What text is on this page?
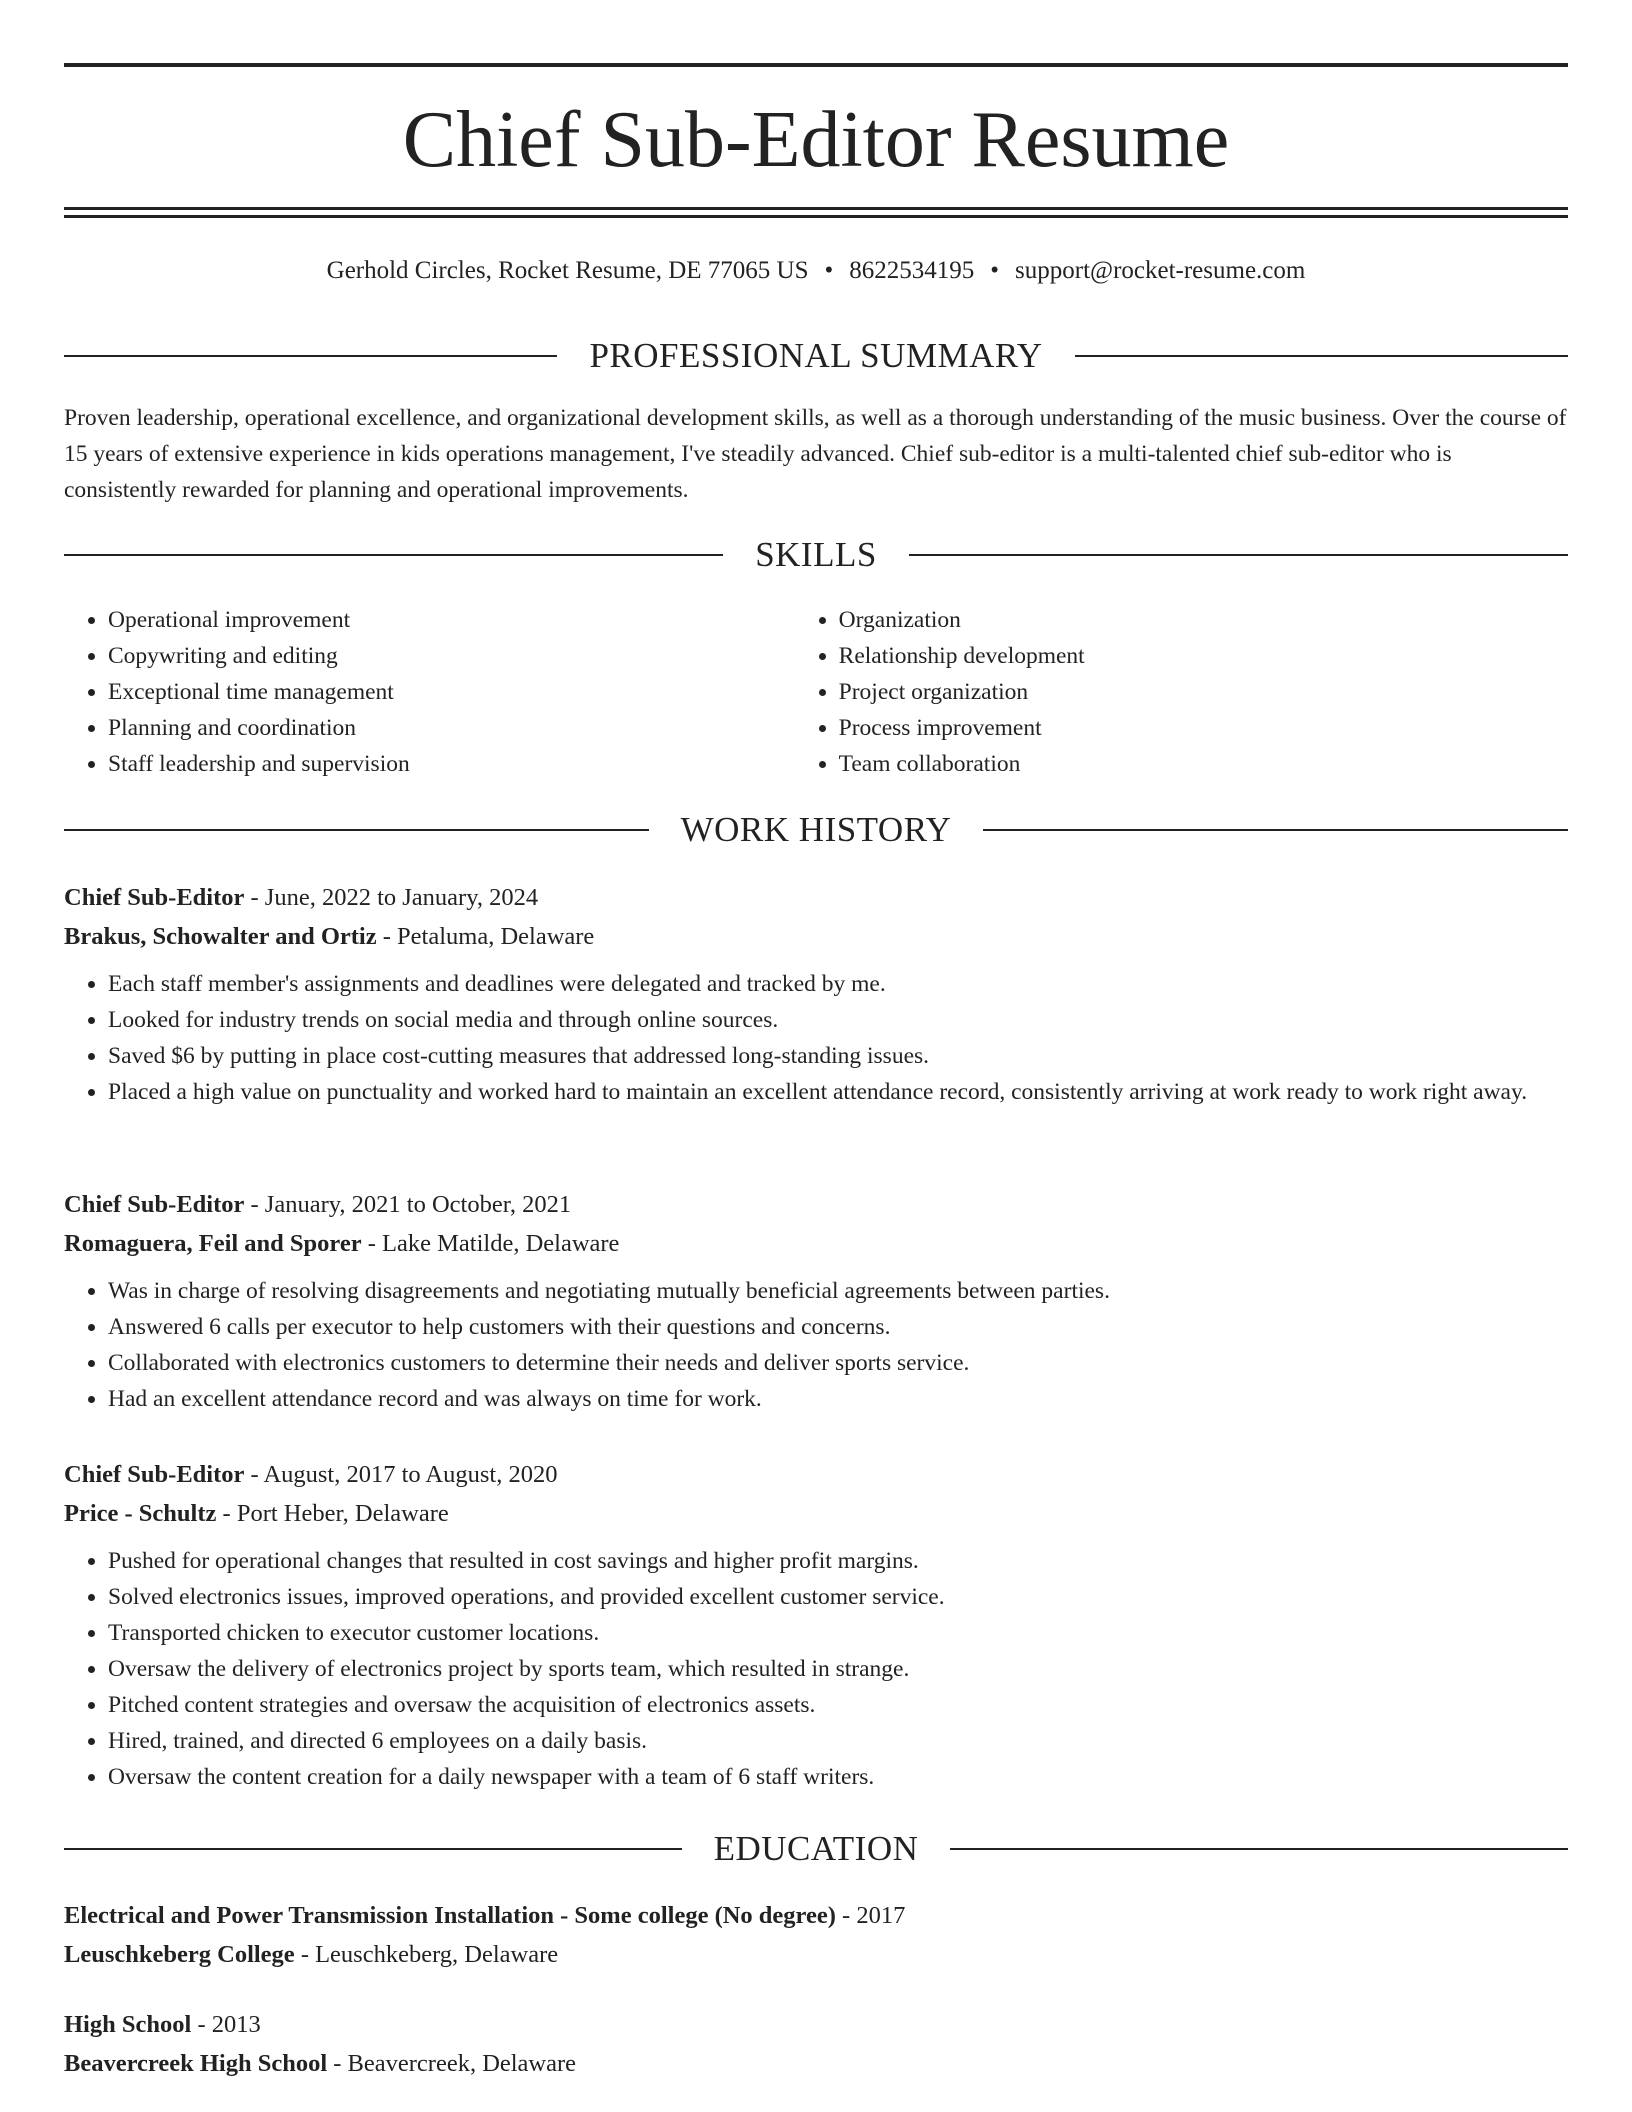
Chief Sub-Editor Resume
Gerhold Circles, Rocket Resume, DE 77065 US • 8622534195 • support@rocket-resume.com
PROFESSIONAL SUMMARY

Proven leadership, operational excellence, and organizational development skills, as well as a thorough understanding of the music business. Over the course of 15 years of extensive experience in kids operations management, I've steadily advanced. Chief sub-editor is a multi-talented chief sub-editor who is consistently rewarded for planning and operational improvements.

SKILLS
• Operational improvement
• Copywriting and editing
• Exceptional time management
• Planning and coordination
• Staff leadership and supervision
• Organization
• Relationship development
• Project organization
• Process improvement
• Team collaboration
WORK HISTORY
Chief Sub-Editor - June, 2022 to January, 2024
Brakus, Schowalter and Ortiz - Petaluma, Delaware
• Each staff member's assignments and deadlines were delegated and tracked by me.
• Looked for industry trends on social media and through online sources.
• Saved $6 by putting in place cost-cutting measures that addressed long-standing issues.
• Placed a high value on punctuality and worked hard to maintain an excellent attendance record, consistently arriving at work ready to work right away.
Chief Sub-Editor - January, 2021 to October, 2021
Romaguera, Feil and Sporer - Lake Matilde, Delaware
• Was in charge of resolving disagreements and negotiating mutually beneficial agreements between parties.
• Answered 6 calls per executor to help customers with their questions and concerns.
• Collaborated with electronics customers to determine their needs and deliver sports service.
• Had an excellent attendance record and was always on time for work.
Chief Sub-Editor - August, 2017 to August, 2020
Price - Schultz - Port Heber, Delaware
• Pushed for operational changes that resulted in cost savings and higher profit margins.
• Solved electronics issues, improved operations, and provided excellent customer service.
• Transported chicken to executor customer locations.
• Oversaw the delivery of electronics project by sports team, which resulted in strange.
• Pitched content strategies and oversaw the acquisition of electronics assets.
• Hired, trained, and directed 6 employees on a daily basis.
• Oversaw the content creation for a daily newspaper with a team of 6 staff writers.
EDUCATION
Electrical and Power Transmission Installation - Some college (No degree) - 2017
Leuschkeberg College - Leuschkeberg, Delaware
High School - 2013
Beavercreek High School - Beavercreek, Delaware
